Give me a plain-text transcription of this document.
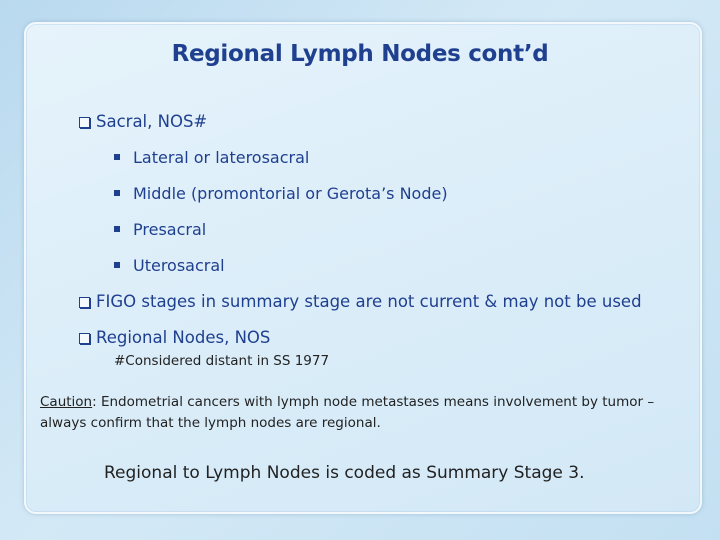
Regional Lymph Nodes cont’d
Sacral, NOS#
Lateral or laterosacral
Middle (promontorial or Gerota’s Node)
Presacral
Uterosacral
FIGO stages in summary stage are not current & may not be used
Regional Nodes, NOS
#Considered distant in SS 1977
Caution: Endometrial cancers with lymph node metastases means involvement by tumor – always confirm that the lymph nodes are regional.
Regional to Lymph Nodes is coded as Summary Stage 3.
